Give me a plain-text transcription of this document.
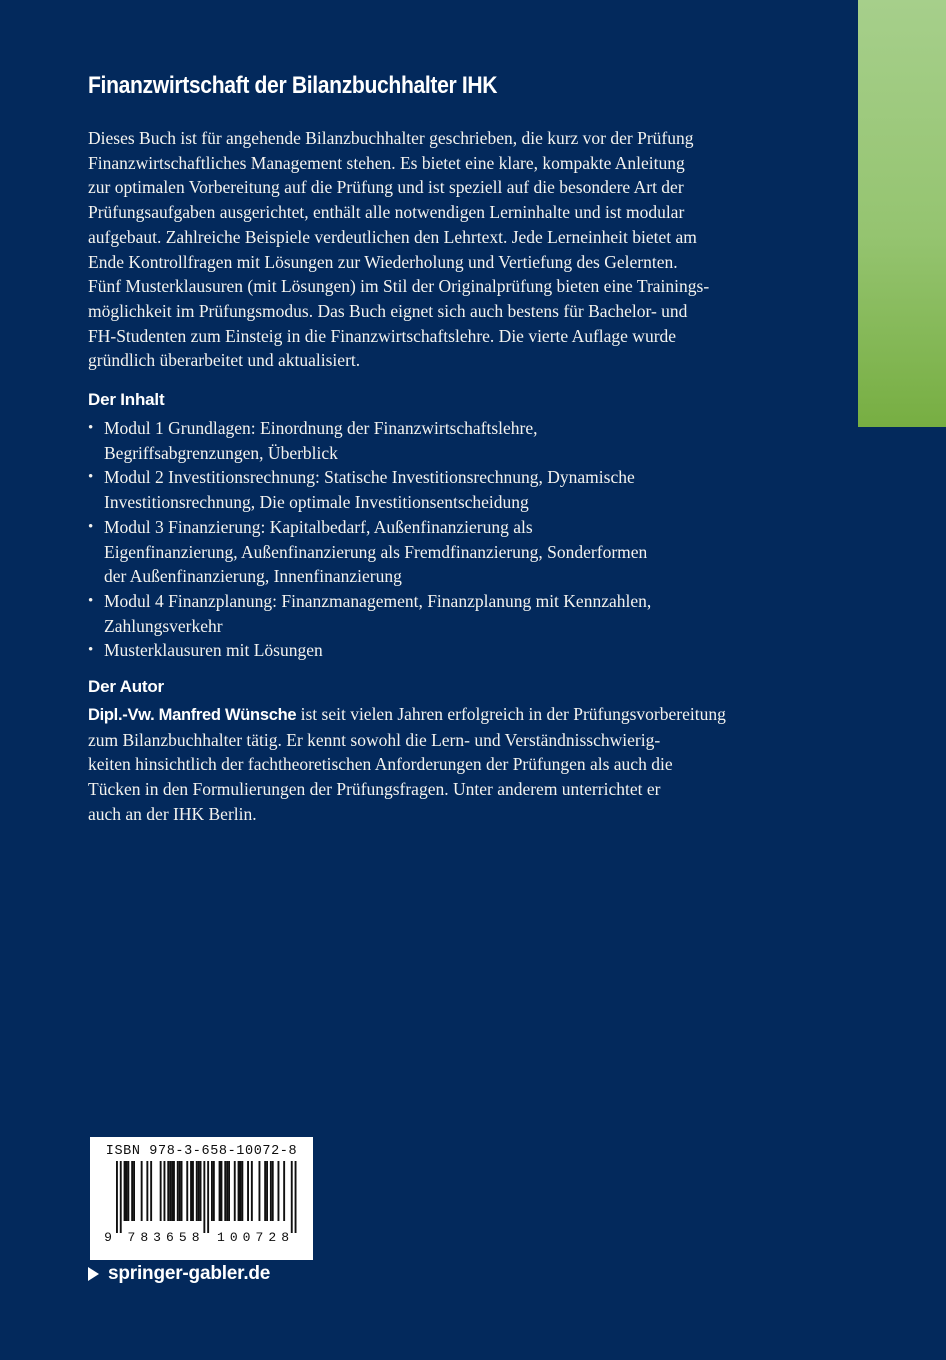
Finanzwirtschaft der Bilanzbuchhalter IHK
Dieses Buch ist für angehende Bilanzbuchhalter geschrieben, die kurz vor der Prüfung
Finanzwirtschaftliches Management stehen. Es bietet eine klare, kompakte Anleitung
zur optimalen Vorbereitung auf die Prüfung und ist speziell auf die besondere Art der
Prüfungsaufgaben ausgerichtet, enthält alle notwendigen Lerninhalte und ist modular
aufgebaut. Zahlreiche Beispiele verdeutlichen den Lehrtext. Jede Lerneinheit bietet am
Ende Kontrollfragen mit Lösungen zur Wiederholung und Vertiefung des Gelernten.
Fünf Musterklausuren (mit Lösungen) im Stil der Originalprüfung bieten eine Trainings-
möglichkeit im Prüfungsmodus. Das Buch eignet sich auch bestens für Bachelor- und
FH-Studenten zum Einsteig in die Finanzwirtschaftslehre. Die vierte Auflage wurde
gründlich überarbeitet und aktualisiert.
Der Inhalt
• Modul 1 Grundlagen: Einordnung der Finanzwirtschaftslehre,
Begriffsabgrenzungen, Überblick
• Modul 2 Investitionsrechnung: Statische Investitionsrechnung, Dynamische
Investitionsrechnung, Die optimale Investitionsentscheidung
• Modul 3 Finanzierung: Kapitalbedarf, Außenfinanzierung als
Eigenfinanzierung, Außenfinanzierung als Fremdfinanzierung, Sonderformen
der Außenfinanzierung, Innenfinanzierung
• Modul 4 Finanzplanung: Finanzmanagement, Finanzplanung mit Kennzahlen,
Zahlungsverkehr
• Musterklausuren mit Lösungen
Der Autor
Dipl.-Vw. Manfred Wünsche ist seit vielen Jahren erfolgreich in der Prüfungsvorbereitung
zum Bilanzbuchhalter tätig. Er kennt sowohl die Lern- und Verständnisschwierig-
keiten hinsichtlich der fachtheoretischen Anforderungen der Prüfungen als auch die
Tücken in den Formulierungen der Prüfungsfragen. Unter anderem unterrichtet er
auch an der IHK Berlin.
ISBN 978-3-658-10072-8
9 783658 100728
springer-gabler.de
